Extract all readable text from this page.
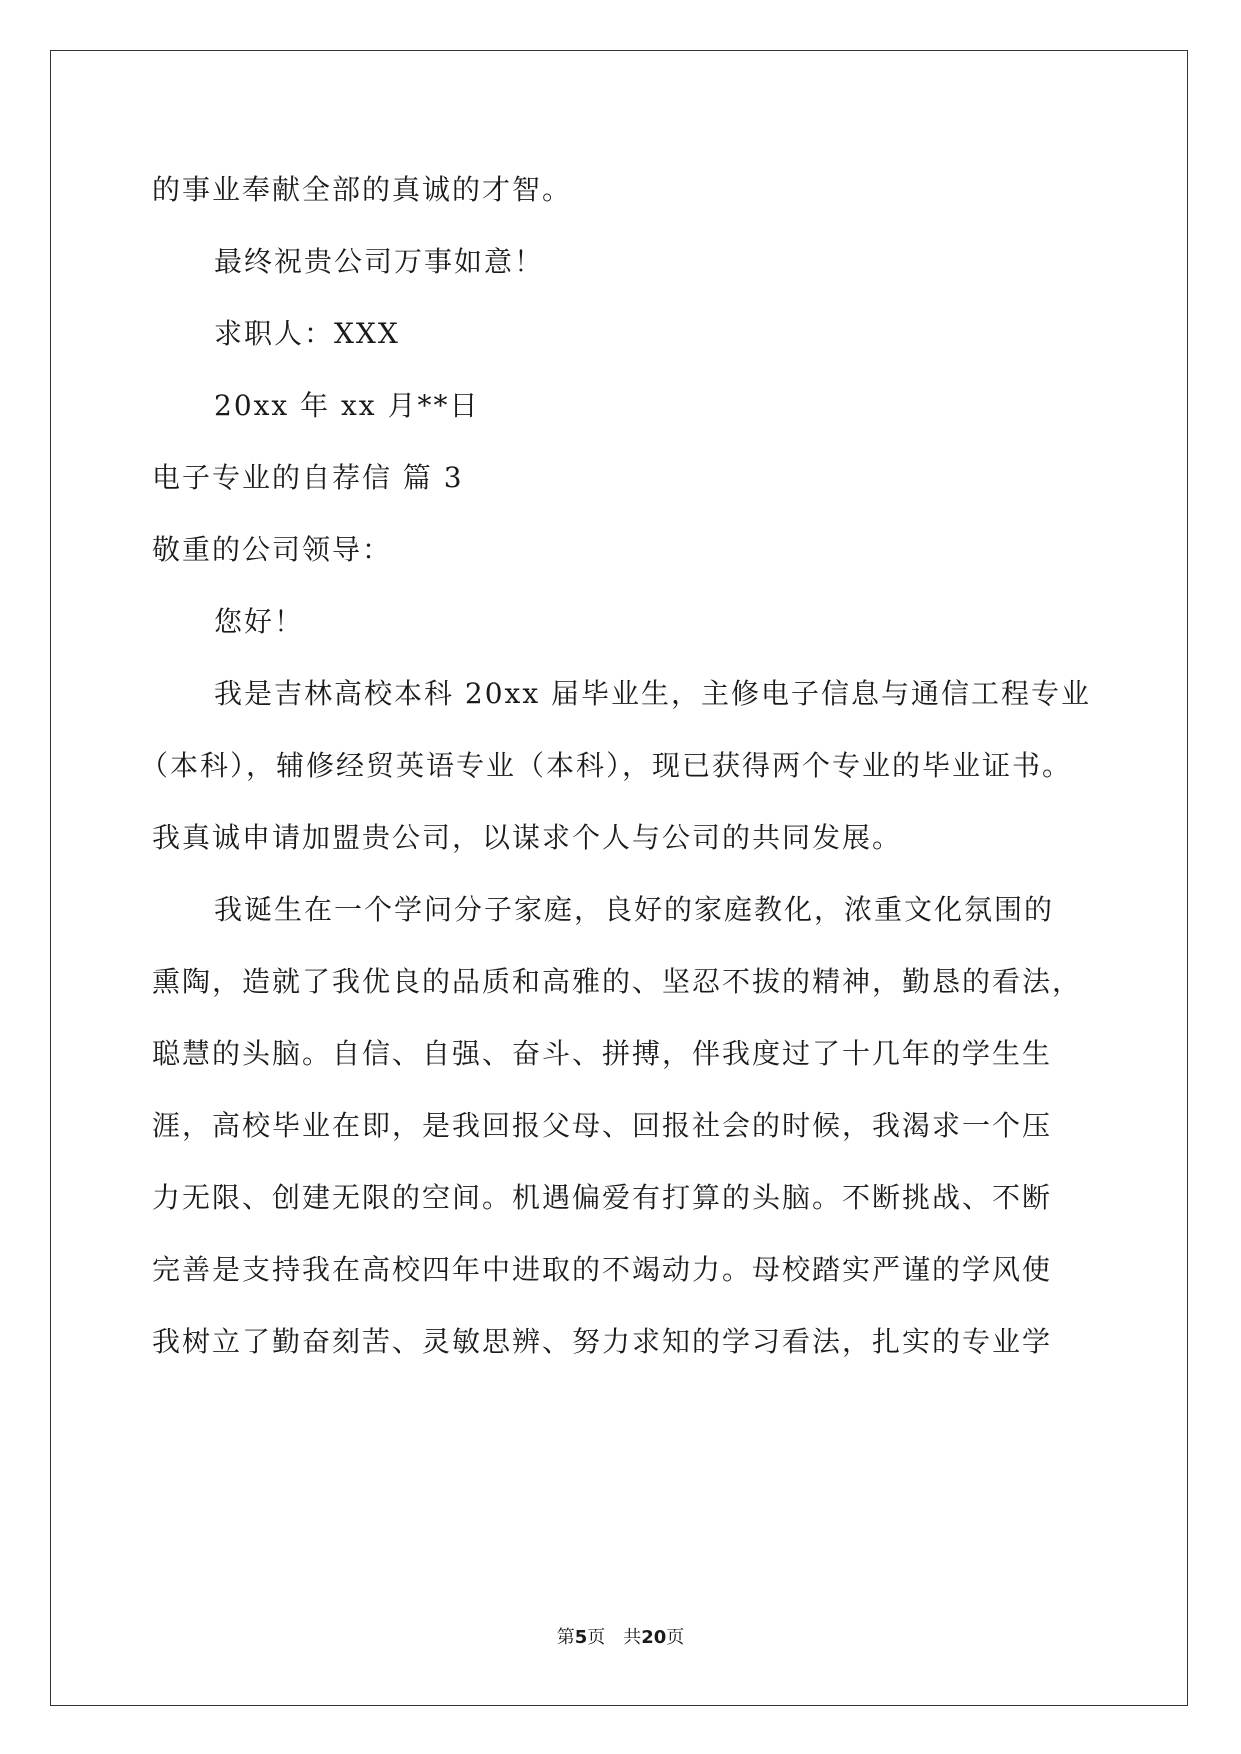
的事业奉献全部的真诚的才智。
最终祝贵公司万事如意！
求职人：XXX
20xx 年 xx 月**日
电子专业的自荐信 篇 3
敬重的公司领导：
您好！
我是吉林高校本科 20xx 届毕业生，主修电子信息与通信工程专业
（本科），辅修经贸英语专业（本科），现已获得两个专业的毕业证书。
我真诚申请加盟贵公司，以谋求个人与公司的共同发展。
我诞生在一个学问分子家庭，良好的家庭教化，浓重文化氛围的
熏陶，造就了我优良的品质和高雅的、坚忍不拔的精神，勤恳的看法，
聪慧的头脑。自信、自强、奋斗、拼搏，伴我度过了十几年的学生生
涯，高校毕业在即，是我回报父母、回报社会的时候，我渴求一个压
力无限、创建无限的空间。机遇偏爱有打算的头脑。不断挑战、不断
完善是支持我在高校四年中进取的不竭动力。母校踏实严谨的学风使
我树立了勤奋刻苦、灵敏思辨、努力求知的学习看法，扎实的专业学
第5页　共20页
